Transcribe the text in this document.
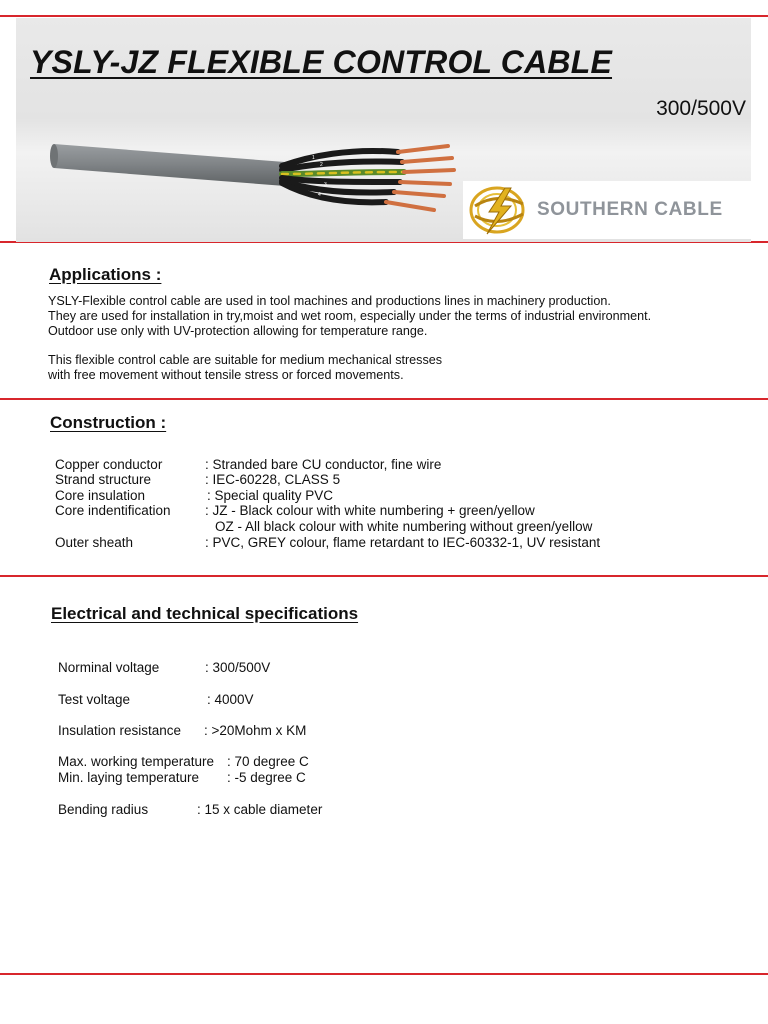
YSLY-JZ FLEXIBLE CONTROL CABLE
300/500V
1
2
3
4
SOUTHERN CABLE
Applications :
YSLY-Flexible control cable are used in tool machines and productions lines in machinery production.
They are used for installation in try,moist and wet room, especially under the terms of industrial environment.
Outdoor use only with UV-protection allowing for temperature range.
This flexible control cable are suitable for medium mechanical stresses
with free movement without tensile stress or forced movements.
Construction :
Copper conductor	: Stranded bare CU conductor, fine wire
Strand structure	: IEC-60228, CLASS 5
Core insulation	: Special quality PVC
Core indentification	: JZ - Black colour with white numbering + green/yellow
OZ - All black colour with white numbering without green/yellow
Outer sheath	: PVC, GREY colour, flame retardant to IEC-60332-1, UV resistant
Electrical and technical specifications
Norminal voltage	: 300/500V
Test voltage	: 4000V
Insulation resistance : >20Mohm x KM
Max. working temperature : 70 degree C
Min. laying temperature : -5 degree C
Bending radius	: 15 x cable diameter
